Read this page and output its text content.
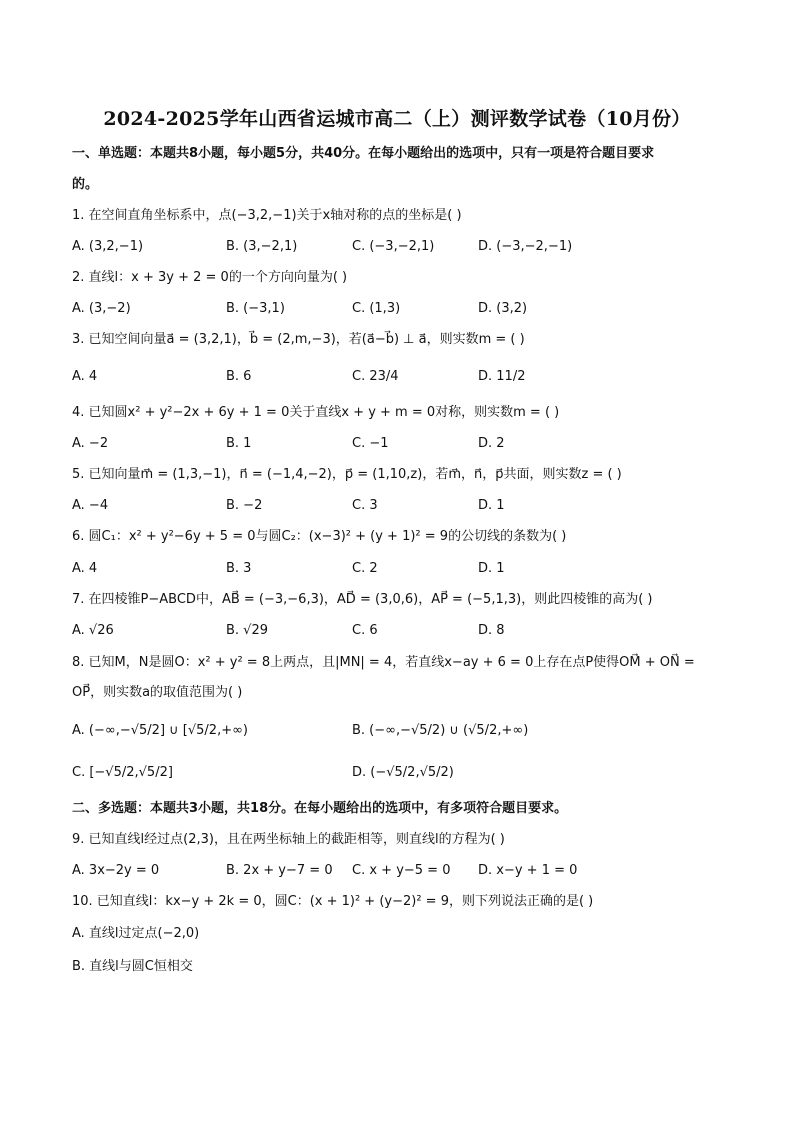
2024-2025学年山西省运城市高二（上）测评数学试卷（10月份）
一、单选题：本题共8小题，每小题5分，共40分。在每小题给出的选项中，只有一项是符合题目要求
的。
1. 在空间直角坐标系中，点(−3,2,−1)关于x轴对称的点的坐标是( )
A. (3,2,−1)	B. (3,−2,1)	C. (−3,−2,1)	D. (−3,−2,−1)
2. 直线l：x + 3y + 2 = 0的一个方向向量为( )
A. (3,−2)	B. (−3,1)	C. (1,3)	D. (3,2)
3. 已知空间向量a⃗ = (3,2,1)，b⃗ = (2,m,−3)，若(a⃗−b⃗) ⊥ a⃗，则实数m = ( )
A. 4	B. 6	C. 23/4	D. 11/2
4. 已知圆x² + y²−2x + 6y + 1 = 0关于直线x + y + m = 0对称，则实数m = ( )
A. −2	B. 1	C. −1	D. 2
5. 已知向量m⃗ = (1,3,−1)，n⃗ = (−1,4,−2)，p⃗ = (1,10,z)，若m⃗，n⃗，p⃗共面，则实数z = ( )
A. −4	B. −2	C. 3	D. 1
6. 圆C₁：x² + y²−6y + 5 = 0与圆C₂：(x−3)² + (y + 1)² = 9的公切线的条数为( )
A. 4	B. 3	C. 2	D. 1
7. 在四棱锥P−ABCD中，AB⃗ = (−3,−6,3)，AD⃗ = (3,0,6)，AP⃗ = (−5,1,3)，则此四棱锥的高为( )
A. √26	B. √29	C. 6	D. 8
8. 已知M，N是圆O：x² + y² = 8上两点，且|MN| = 4，若直线x−ay + 6 = 0上存在点P使得OM⃗ + ON⃗ =
OP⃗，则实数a的取值范围为( )
A. (−∞,−√5/2] ∪ [√5/2,+∞)	B. (−∞,−√5/2) ∪ (√5/2,+∞)
C. [−√5/2,√5/2]	D. (−√5/2,√5/2)
二、多选题：本题共3小题，共18分。在每小题给出的选项中，有多项符合题目要求。
9. 已知直线l经过点(2,3)，且在两坐标轴上的截距相等，则直线l的方程为( )
A. 3x−2y = 0	B. 2x + y−7 = 0 C. x + y−5 = 0 D. x−y + 1 = 0
10. 已知直线l：kx−y + 2k = 0，圆C：(x + 1)² + (y−2)² = 9，则下列说法正确的是( )
A. 直线l过定点(−2,0)
B. 直线l与圆C恒相交
